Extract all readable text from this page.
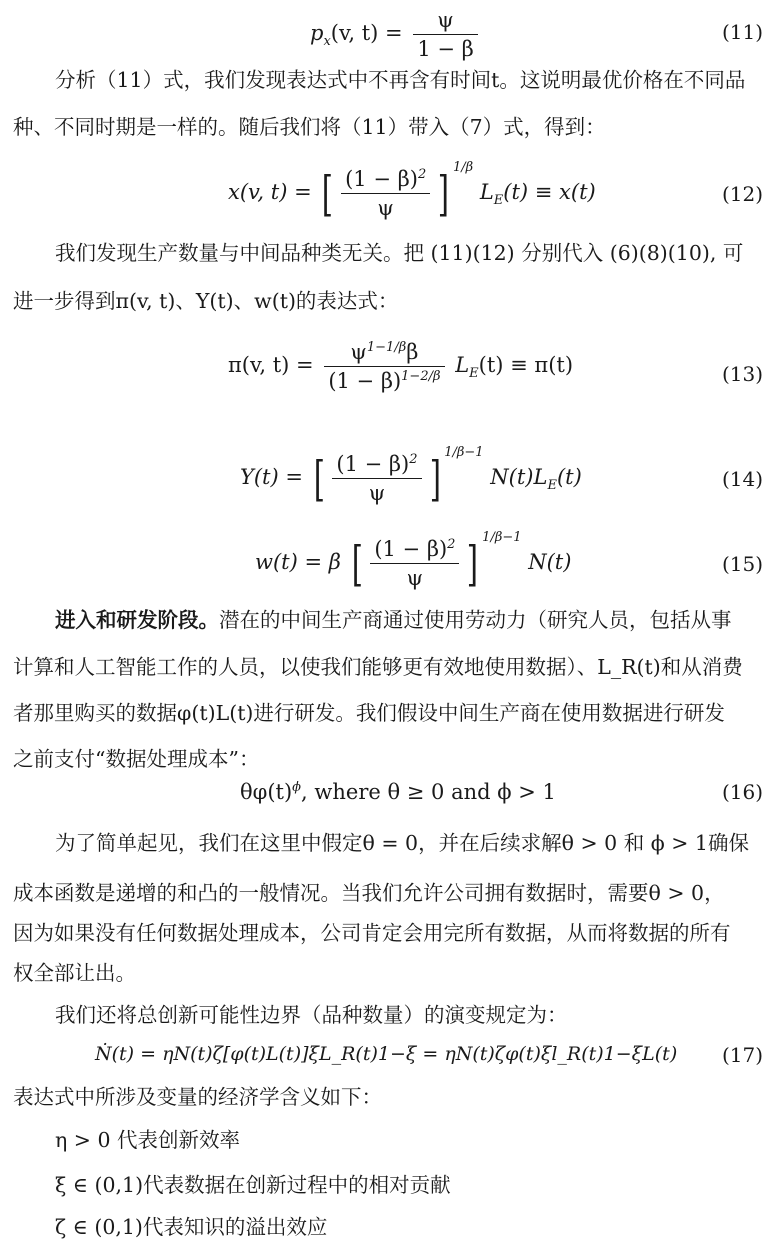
$p_x(v$, $t) = \frac{\psi}{1 - \beta}$	(11)
分析（11）式，我们发现表达式中不再含有时间t。这说明最优价格在不同品
种、不同时期是一样的。随后我们将（11）带入（7）式，得到：
x(v, t) = [ $\frac{(1 - \beta)^2}{\psi}$ ] $^{1/\beta}$ $L_E(t) \equiv x(t)$	(12)
我们发现生产数量与中间品种类无关。把 (11)(12) 分别代入 (6)(8)(10), 可
进一步得到π(v, t)、Y(t)、w(t)的表达式：
π(v, $t) = \frac{\psi^{1-1/\beta}\beta}{(1 - \beta)^{1-2/\beta}} L_E(t) \equiv \pi(t)$	(13)
Y(t) = [ $\frac{(1 - \beta)^2}{\psi}$ ] $^{1/\beta-1}$ $N(t)L_E(t)$	(14)
w(t) = β [ $\frac{(1 - \beta)^2}{\psi}$ ] $^{1/\beta-1}$ N(t)	(15)
进入和研发阶段。潜在的中间生产商通过使用劳动力（研究人员，包括从事
计算和人工智能工作的人员，以使我们能够更有效地使用数据）、L_R(t)和从消费
者那里购买的数据φ(t)L(t)进行研发。我们假设中间生产商在使用数据进行研发
之前支付“数据处理成本”：
$\theta\varphi(t)^\phi$, where θ ≥ 0 and ϕ > 1	(16)
为了简单起见，我们在这里中假定θ = 0，并在后续求解θ > 0 和 ϕ > 1确保
成本函数是递增的和凸的一般情况。当我们允许公司拥有数据时，需要θ > 0，
因为如果没有任何数据处理成本，公司肯定会用完所有数据，从而将数据的所有
权全部让出。
我们还将总创新可能性边界（品种数量）的演变规定为：
Ṅ(t) = ηN(t)ζ[φ(t)L(t)]ξL_R(t)1−ξ = ηN(t)ζφ(t)ξl_R(t)1−ξL(t) (17)
表达式中所涉及变量的经济学含义如下：
η > 0 代表创新效率
ξ ∈ (0,1)代表数据在创新过程中的相对贡献
ζ ∈ (0,1)代表知识的溢出效应
